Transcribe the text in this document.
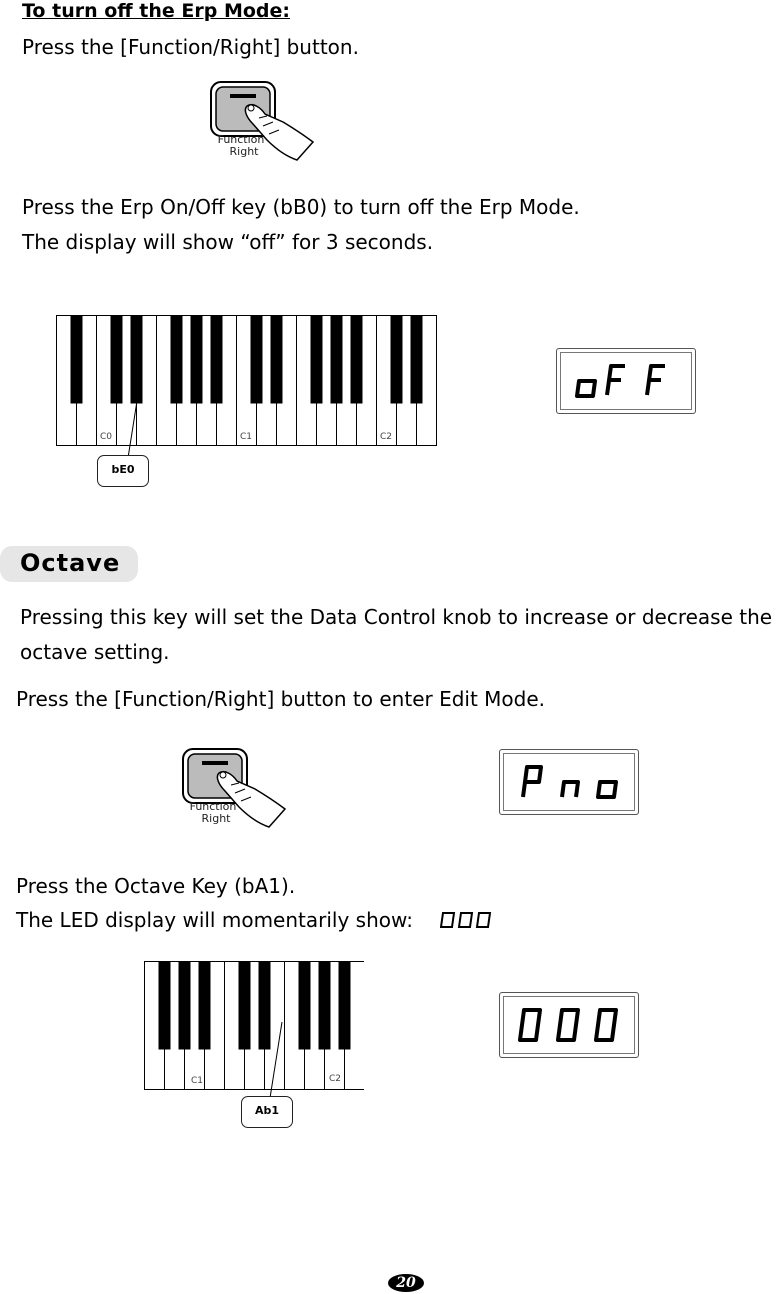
To turn off the Erp Mode:
Press the [Function/Right] button.
Function
Right
Press the Erp On/Off key (bB0) to turn off the Erp Mode.
The display will show “off” for 3 seconds.
C0	C1	C2
bE0
Octave
Pressing this key will set the Data Control knob to increase or decrease the
octave setting.
Press the [Function/Right] button to enter Edit Mode.
Function
Right
Press the Octave Key (bA1).
The LED display will momentarily show:
C1	C2
Ab1
20
